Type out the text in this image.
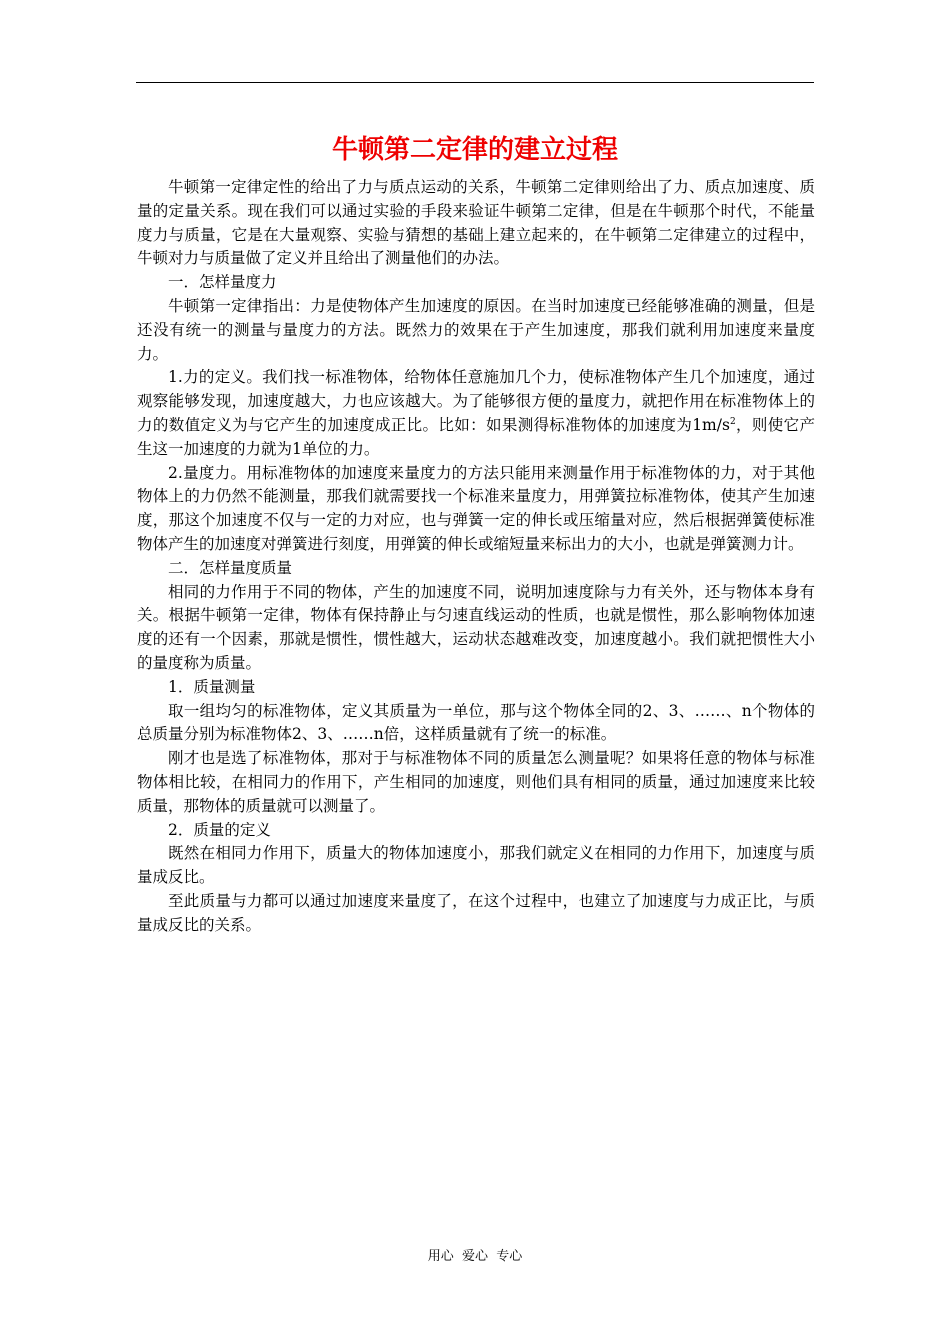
牛顿第二定律的建立过程

牛顿第一定律定性的给出了力与质点运动的关系，牛顿第二定律则给出了力、质点加速度、质量的定量关系。现在我们可以通过实验的手段来验证牛顿第二定律，但是在牛顿那个时代，不能量度力与质量，它是在大量观察、实验与猜想的基础上建立起来的，在牛顿第二定律建立的过程中，牛顿对力与质量做了定义并且给出了测量他们的办法。

一．怎样量度力

牛顿第一定律指出：力是使物体产生加速度的原因。在当时加速度已经能够准确的测量，但是还没有统一的测量与量度力的方法。既然力的效果在于产生加速度，那我们就利用加速度来量度力。

1.力的定义。我们找一标准物体，给物体任意施加几个力，使标准物体产生几个加速度，通过观察能够发现，加速度越大，力也应该越大。为了能够很方便的量度力，就把作用在标准物体上的力的数值定义为与它产生的加速度成正比。比如：如果测得标准物体的加速度为$1m/s^2$，则使它产生这一加速度的力就为1单位的力。

2.量度力。用标准物体的加速度来量度力的方法只能用来测量作用于标准物体的力，对于其他物体上的力仍然不能测量，那我们就需要找一个标准来量度力，用弹簧拉标准物体，使其产生加速度，那这个加速度不仅与一定的力对应，也与弹簧一定的伸长或压缩量对应，然后根据弹簧使标准物体产生的加速度对弹簧进行刻度，用弹簧的伸长或缩短量来标出力的大小，也就是弹簧测力计。

二．怎样量度质量

相同的力作用于不同的物体，产生的加速度不同，说明加速度除与力有关外，还与物体本身有关。根据牛顿第一定律，物体有保持静止与匀速直线运动的性质，也就是惯性，那么影响物体加速度的还有一个因素，那就是惯性，惯性越大，运动状态越难改变，加速度越小。我们就把惯性大小的量度称为质量。

1．质量测量

取一组均匀的标准物体，定义其质量为一单位，那与这个物体全同的2、3、……、n个物体的总质量分别为标准物体2、3、……n倍，这样质量就有了统一的标准。

刚才也是选了标准物体，那对于与标准物体不同的质量怎么测量呢？如果将任意的物体与标准物体相比较，在相同力的作用下，产生相同的加速度，则他们具有相同的质量，通过加速度来比较质量，那物体的质量就可以测量了。

2．质量的定义

既然在相同力作用下，质量大的物体加速度小，那我们就定义在相同的力作用下，加速度与质量成反比。

至此质量与力都可以通过加速度来量度了，在这个过程中，也建立了加速度与力成正比，与质量成反比的关系。

用心  爱心  专心
